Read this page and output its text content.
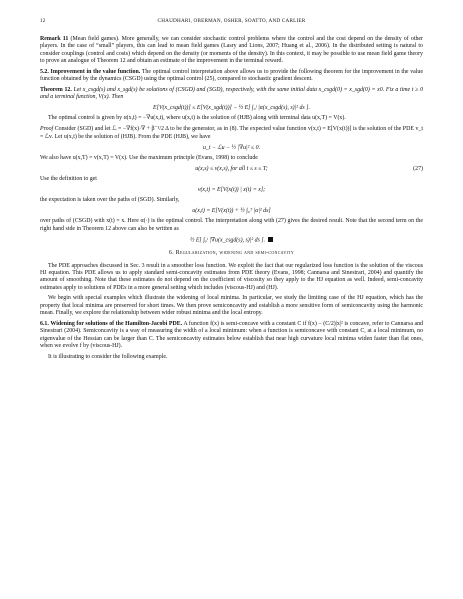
12	CHAUDHARI, OBERMAN, OSHER, SOATTO, AND CARLIER

Remark 11 (Mean field games). More generally, we can consider stochastic control problems where the control and the cost depend on the density of other players. In the case of “small” players, this can lead to mean field games (Lasry and Lions, 2007; Huang et al., 2006). In the distributed setting is natural to consider couplings (control and costs) which depend on the density (or moments of the density). In this context, it may be possible to use mean field game theory to prove an analogue of Theorem 12 and obtain an estimate of the improvement in the terminal reward.

5.2. Improvement in the value function. The optimal control interpretation above allows us to provide the following theorem for the improvement in the value function obtained by the dynamics (CSGD) using the optimal control (25), compared to stochastic gradient descent.

Theorem 12. Let x_csgd(s) and x_sgd(s) be solutions of (CSGD) and (SGD), respectively, with the same initial data x_csgd(0) = x_sgd(0) = x0. Fix a time t ≥ 0 and a terminal function, V(x). Then

E[V(x_csgd(t))] ≤ E[V(x_sgd(t))] − ½ E[ ∫₀ᵗ |α(x_csgd(s), s)|² ds ].

The optimal control is given by α(x,t) = −∇u(x,t), where u(x,t) is the solution of (HJB) along with terminal data u(x,T) = V(x).

Proof Consider (SGD) and let ℒ = −∇f(x)·∇ + β⁻¹/2 Δ to be the generator, as in (8). The expected value function v(x,t) = E[V(x(t))] is the solution of the PDE v_t = ℒv. Let u(x,t) be the solution of (HJB). From the PDE (HJB), we have

u_t − ℒu − ½ |∇u|² ≤ 0.

We also have u(x,T) = v(x,T) = V(x). Use the maximum principle (Evans, 1998) to conclude

u(x,s) ≤ v(x,s), for all t ≤ s ≤ T;	(27)

Use the definition to get

v(x,t) = E[V(x(t)) | x(t) = x];

the expectation is taken over the paths of (SGD). Similarly,

u(x,t) = E[V(x(t)) + ½ ∫₀ᵀ |α|² ds]

over paths of (CSGD) with x(t) = x. Here α(·) is the optimal control. The interpretation along with (27) gives the desired result. Note that the second term on the right hand side in Theorem 12 above can also be written as

½ E[ ∫₀ᵗ |∇u(x_csgd(s), s)|² ds ].
6. Regularization, widening and semi-concavity

The PDE approaches discussed in Sec. 3 result in a smoother loss function. We exploit the fact that our regularized loss function is the solution of the viscous HJ equation. This PDE allows us to apply standard semi-concavity estimates from PDE theory (Evans, 1998; Cannarsa and Sinestrari, 2004) and quantify the amount of smoothing. Note that these estimates do not depend on the coefficient of viscosity so they apply to the HJ equation as well. Indeed, semi-concavity estimates apply to solutions of PDEs in a more general setting which includes (viscous-HJ) and (HJ).

We begin with special examples which illustrate the widening of local minima. In particular, we study the limiting case of the HJ equation, which has the property that local minima are preserved for short times. We then prove semiconcavity and establish a more sensitive form of semiconcavity using the harmonic mean. Finally, we explore the relationship between wider robust minima and the local entropy.

6.1. Widening for solutions of the Hamilton-Jacobi PDE. A function f(x) is semi-concave with a constant C if f(x) − (C/2)|x|² is concave, refer to Cannarsa and Sinestrari (2004). Semiconcavity is a way of measuring the width of a local minimum: when a function is semiconcave with constant C, at a local minimum, no eigenvalue of the Hessian can be larger than C. The semiconcavity estimates below establish that near high curvature local minima widen faster than flat ones, when we evolve f by (viscous-HJ).

It is illustrating to consider the following example.
